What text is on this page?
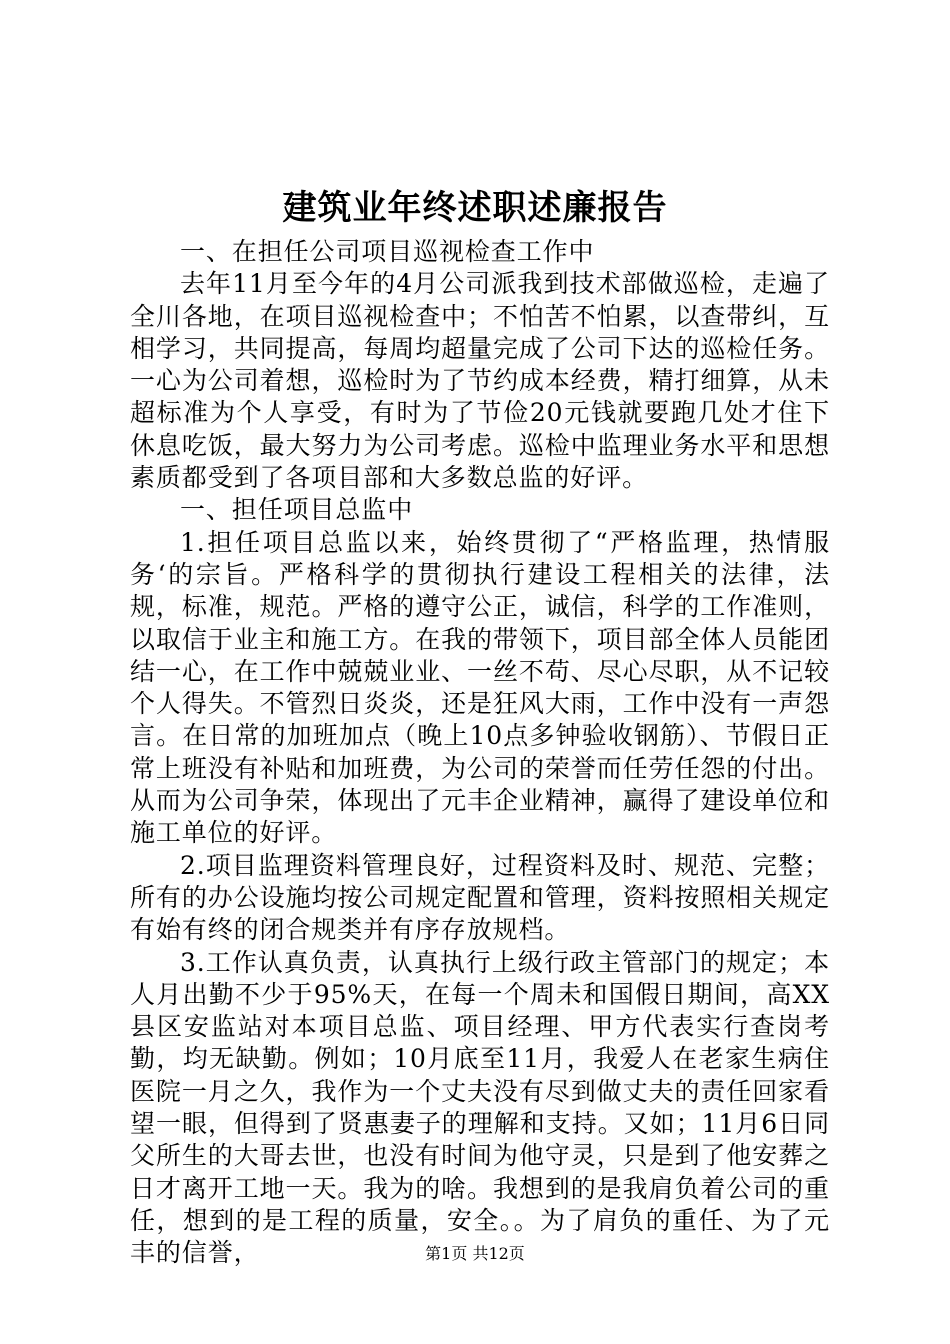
建筑业年终述职述廉报告

一、在担任公司项目巡视检查工作中

去年11月至今年的4月公司派我到技术部做巡检，走遍了全川各地，在项目巡视检查中；不怕苦不怕累，以查带纠，互相学习，共同提高，每周均超量完成了公司下达的巡检任务。一心为公司着想，巡检时为了节约成本经费，精打细算，从未超标准为个人享受，有时为了节俭20元钱就要跑几处才住下休息吃饭，最大努力为公司考虑。巡检中监理业务水平和思想素质都受到了各项目部和大多数总监的好评。

一、担任项目总监中

1.担任项目总监以来，始终贯彻了“严格监理，热情服务‘的宗旨。严格科学的贯彻执行建设工程相关的法律，法规，标准，规范。严格的遵守公正，诚信，科学的工作准则，以取信于业主和施工方。在我的带领下，项目部全体人员能团结一心，在工作中兢兢业业、一丝不苟、尽心尽职，从不记较个人得失。不管烈日炎炎，还是狂风大雨，工作中没有一声怨言。在日常的加班加点（晚上10点多钟验收钢筋）、节假日正常上班没有补贴和加班费，为公司的荣誉而任劳任怨的付出。从而为公司争荣，体现出了元丰企业精神，赢得了建设单位和施工单位的好评。

2.项目监理资料管理良好，过程资料及时、规范、完整；所有的办公设施均按公司规定配置和管理，资料按照相关规定有始有终的闭合规类并有序存放规档。

3.工作认真负责，认真执行上级行政主管部门的规定；本人月出勤不少于95%天，在每一个周未和国假日期间，高XX县区安监站对本项目总监、项目经理、甲方代表实行查岗考勤，均无缺勤。例如；10月底至11月，我爱人在老家生病住医院一月之久，我作为一个丈夫没有尽到做丈夫的责任回家看望一眼，但得到了贤惠妻子的理解和支持。又如；11月6日同父所生的大哥去世，也没有时间为他守灵，只是到了他安葬之日才离开工地一天。我为的啥。我想到的是我肩负着公司的重任，想到的是工程的质量，安全。。为了肩负的重任、为了元丰的信誉，	第1页 共12页
